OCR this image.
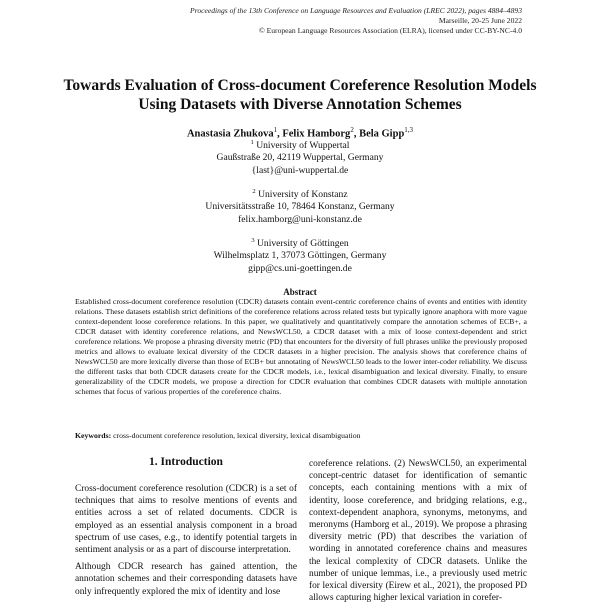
Proceedings of the 13th Conference on Language Resources and Evaluation (LREC 2022), pages 4884–4893
Marseille, 20-25 June 2022
© European Language Resources Association (ELRA), licensed under CC-BY-NC-4.0
Towards Evaluation of Cross-document Coreference Resolution Models
Using Datasets with Diverse Annotation Schemes
Anastasia Zhukova$^1$, Felix Hamborg$^2$, Bela Gipp$^{1,3}$
$^1$ University of Wuppertal
Gaußstraße 20, 42119 Wuppertal, Germany
{last}@uni-wuppertal.de
$^2$ University of Konstanz
Universitätsstraße 10, 78464 Konstanz, Germany
felix.hamborg@uni-konstanz.de
$^3$ University of Göttingen
Wilhelmsplatz 1, 37073 Göttingen, Germany
gipp@cs.uni-goettingen.de
Abstract
Established cross-document coreference resolution (CDCR) datasets contain event-centric coreference chains of events and entities with identity relations. These datasets establish strict definitions of the coreference relations across related tests but typically ignore anaphora with more vague context-dependent loose coreference relations. In this paper, we qualitatively and quantitatively compare the annotation schemes of ECB+, a CDCR dataset with identity coreference relations, and NewsWCL50, a CDCR dataset with a mix of loose context-dependent and strict coreference relations. We propose a phrasing diversity metric (PD) that encounters for the diversity of full phrases unlike the previously proposed metrics and allows to evaluate lexical diversity of the CDCR datasets in a higher precision. The analysis shows that coreference chains of NewsWCL50 are more lexically diverse than those of ECB+ but annotating of NewsWCL50 leads to the lower inter-coder reliability. We discuss the different tasks that both CDCR datasets create for the CDCR models, i.e., lexical disambiguation and lexical diversity. Finally, to ensure generalizability of the CDCR models, we propose a direction for CDCR evaluation that combines CDCR datasets with multiple annotation schemes that focus of various properties of the coreference chains.
Keywords: cross-document coreference resolution, lexical diversity, lexical disambiguation
1. Introduction

Cross-document coreference resolution (CDCR) is a set of techniques that aims to resolve mentions of events and entities across a set of related documents. CDCR is employed as an essential analysis component in a broad spectrum of use cases, e.g., to identify potential targets in sentiment analysis or as a part of discourse interpretation.

Although CDCR research has gained attention, the annotation schemes and their corresponding datasets have only infrequently explored the mix of identity and lose

coreference relations. (2) NewsWCL50, an experimental concept-centric dataset for identification of semantic concepts, each containing mentions with a mix of identity, loose coreference, and bridging relations, e.g., context-dependent anaphora, synonyms, metonyms, and meronyms (Hamborg et al., 2019). We propose a phrasing diversity metric (PD) that describes the variation of wording in annotated coreference chains and measures the lexical complexity of CDCR datasets. Unlike the number of unique lemmas, i.e., a previously used metric for lexical diversity (Eirew et al., 2021), the proposed PD allows capturing higher lexical variation in corefer-
